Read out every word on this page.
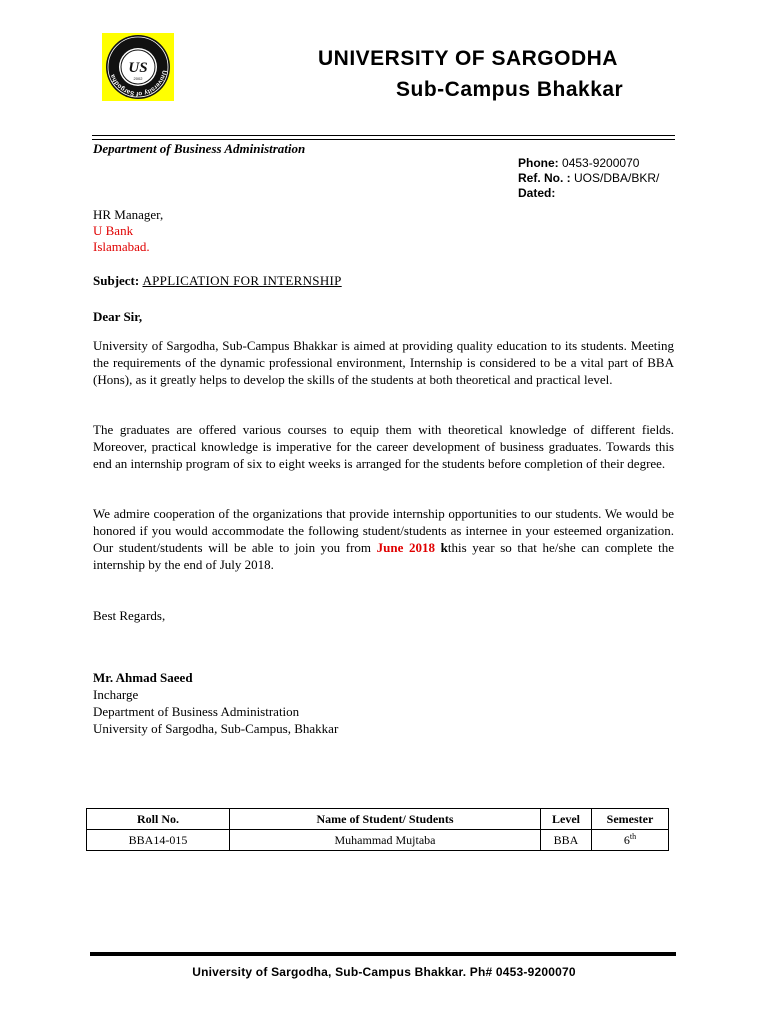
University of Sargodha
US
2002
UNIVERSITY OF SARGODHA
Sub-Campus Bhakkar
Department of Business Administration
Phone: 0453-9200070
Ref. No. : UOS/DBA/BKR/
Dated:
HR Manager,
U Bank
Islamabad.
Subject: APPLICATION FOR INTERNSHIP
Dear Sir,
University of Sargodha, Sub-Campus Bhakkar is aimed at providing quality education to its students. Meeting the requirements of the dynamic professional environment, Internship is considered to be a vital part of BBA (Hons), as it greatly helps to develop the skills of the students at both theoretical and practical level.
The graduates are offered various courses to equip them with theoretical knowledge of different fields. Moreover, practical knowledge is imperative for the career development of business graduates. Towards this end an internship program of six to eight weeks is arranged for the students before completion of their degree.
We admire cooperation of the organizations that provide internship opportunities to our students. We would be honored if you would accommodate the following student/students as internee in your esteemed organization. Our student/students will be able to join you from June 2018 kthis year so that he/she can complete the internship by the end of July 2018.
Best Regards,
Mr. Ahmad Saeed
Incharge
Department of Business Administration
University of Sargodha, Sub-Campus, Bhakkar
Roll No.	Name of Student/ Students	Level	Semester
BBA14-015	Muhammad Mujtaba	BBA	6th
University of Sargodha, Sub-Campus Bhakkar. Ph# 0453-9200070
